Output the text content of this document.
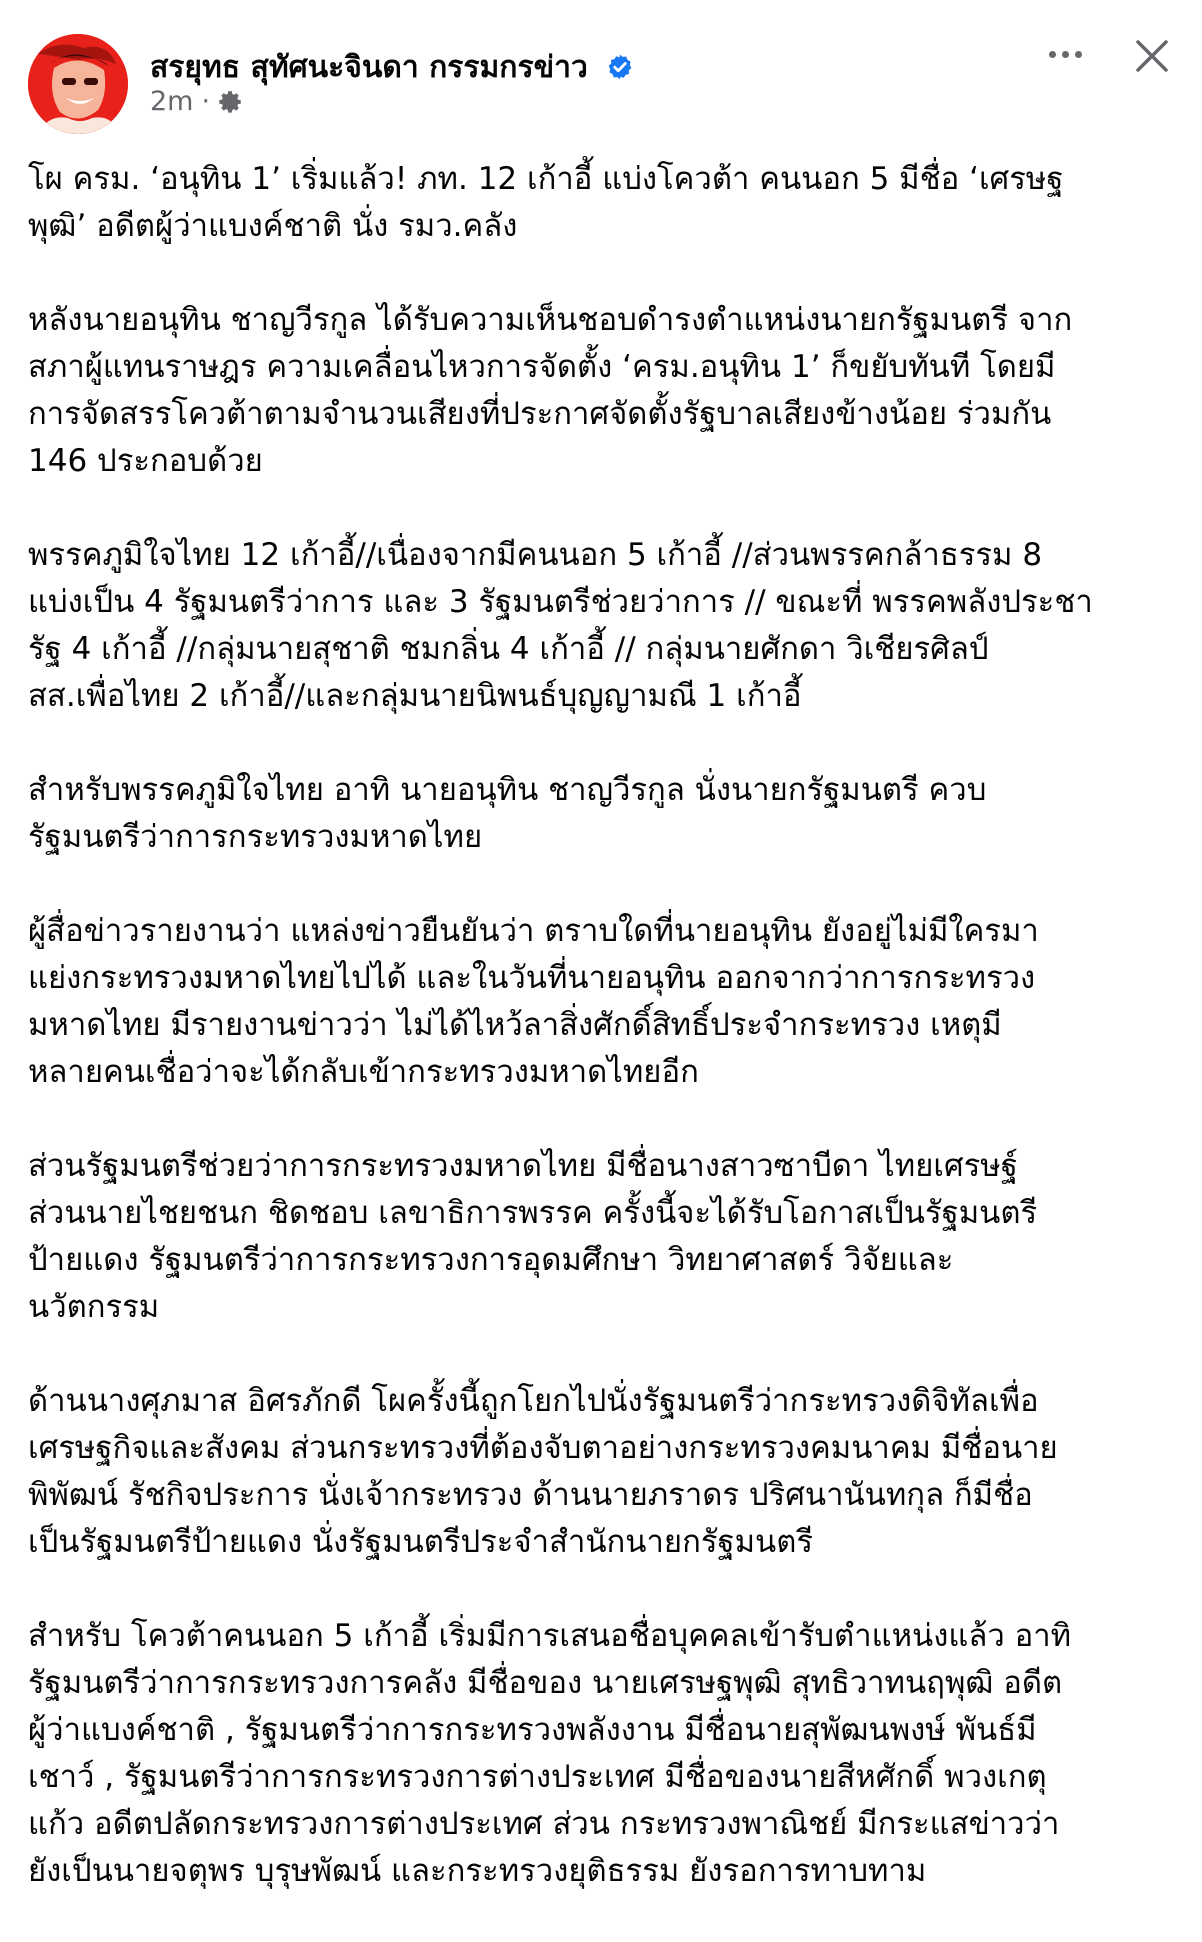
สรยุทธ สุทัศนะจินดา กรรมกรข่าว
2m ·

โผ ครม. ‘อนุทิน 1’ เริ่มแล้ว! ภท. 12 เก้าอี้ แบ่งโควต้า คนนอก 5 มีชื่อ ‘เศรษฐ
พุฒิ’ อดีตผู้ว่าแบงค์ชาติ นั่ง รมว.คลัง

หลังนายอนุทิน ชาญวีรกูล ได้รับความเห็นชอบดำรงตำแหน่งนายกรัฐมนตรี จาก
สภาผู้แทนราษฎร ความเคลื่อนไหวการจัดตั้ง ‘ครม.อนุทิน 1’ ก็ขยับทันที โดยมี
การจัดสรรโควต้าตามจำนวนเสียงที่ประกาศจัดตั้งรัฐบาลเสียงข้างน้อย ร่วมกัน
146 ประกอบด้วย

พรรคภูมิใจไทย 12 เก้าอี้//เนื่องจากมีคนนอก 5 เก้าอี้ //ส่วนพรรคกล้าธรรม 8
แบ่งเป็น 4 รัฐมนตรีว่าการ และ 3 รัฐมนตรีช่วยว่าการ // ขณะที่ พรรคพลังประชา
รัฐ 4 เก้าอี้ //กลุ่มนายสุชาติ ชมกลิ่น 4 เก้าอี้ // กลุ่มนายศักดา วิเชียรศิลป์
สส.เพื่อไทย 2 เก้าอี้//และกลุ่มนายนิพนธ์บุญญามณี 1 เก้าอี้

สำหรับพรรคภูมิใจไทย อาทิ นายอนุทิน ชาญวีรกูล นั่งนายกรัฐมนตรี ควบ
รัฐมนตรีว่าการกระทรวงมหาดไทย

ผู้สื่อข่าวรายงานว่า แหล่งข่าวยืนยันว่า ตราบใดที่นายอนุทิน ยังอยู่ไม่มีใครมา
แย่งกระทรวงมหาดไทยไปได้ และในวันที่นายอนุทิน ออกจากว่าการกระทรวง
มหาดไทย มีรายงานข่าวว่า ไม่ได้ไหว้ลาสิ่งศักดิ์สิทธิ์ประจำกระทรวง เหตุมี
หลายคนเชื่อว่าจะได้กลับเข้ากระทรวงมหาดไทยอีก

ส่วนรัฐมนตรีช่วยว่าการกระทรวงมหาดไทย มีชื่อนางสาวซาบีดา ไทยเศรษฐ์
ส่วนนายไชยชนก ชิดชอบ เลขาธิการพรรค ครั้งนี้จะได้รับโอกาสเป็นรัฐมนตรี
ป้ายแดง รัฐมนตรีว่าการกระทรวงการอุดมศึกษา วิทยาศาสตร์ วิจัยและ
นวัตกรรม

ด้านนางศุภมาส อิศรภักดี โผครั้งนี้ถูกโยกไปนั่งรัฐมนตรีว่ากระทรวงดิจิทัลเพื่อ
เศรษฐกิจและสังคม ส่วนกระทรวงที่ต้องจับตาอย่างกระทรวงคมนาคม มีชื่อนาย
พิพัฒน์ รัชกิจประการ นั่งเจ้ากระทรวง ด้านนายภราดร ปริศนานันทกุล ก็มีชื่อ
เป็นรัฐมนตรีป้ายแดง นั่งรัฐมนตรีประจำสำนักนายกรัฐมนตรี

สำหรับ โควต้าคนนอก 5 เก้าอี้ เริ่มมีการเสนอชื่อบุคคลเข้ารับตำแหน่งแล้ว อาทิ
รัฐมนตรีว่าการกระทรวงการคลัง มีชื่อของ นายเศรษฐพุฒิ สุทธิวาทนฤพุฒิ อดีต
ผู้ว่าแบงค์ชาติ , รัฐมนตรีว่าการกระทรวงพลังงาน มีชื่อนายสุพัฒนพงษ์ พันธ์มี
เชาว์ , รัฐมนตรีว่าการกระทรวงการต่างประเทศ มีชื่อของนายสีหศักดิ์ พวงเกตุ
แก้ว อดีตปลัดกระทรวงการต่างประเทศ ส่วน กระทรวงพาณิชย์ มีกระแสข่าวว่า
ยังเป็นนายจตุพร บุรุษพัฒน์ และกระทรวงยุติธรรม ยังรอการทาบทาม
